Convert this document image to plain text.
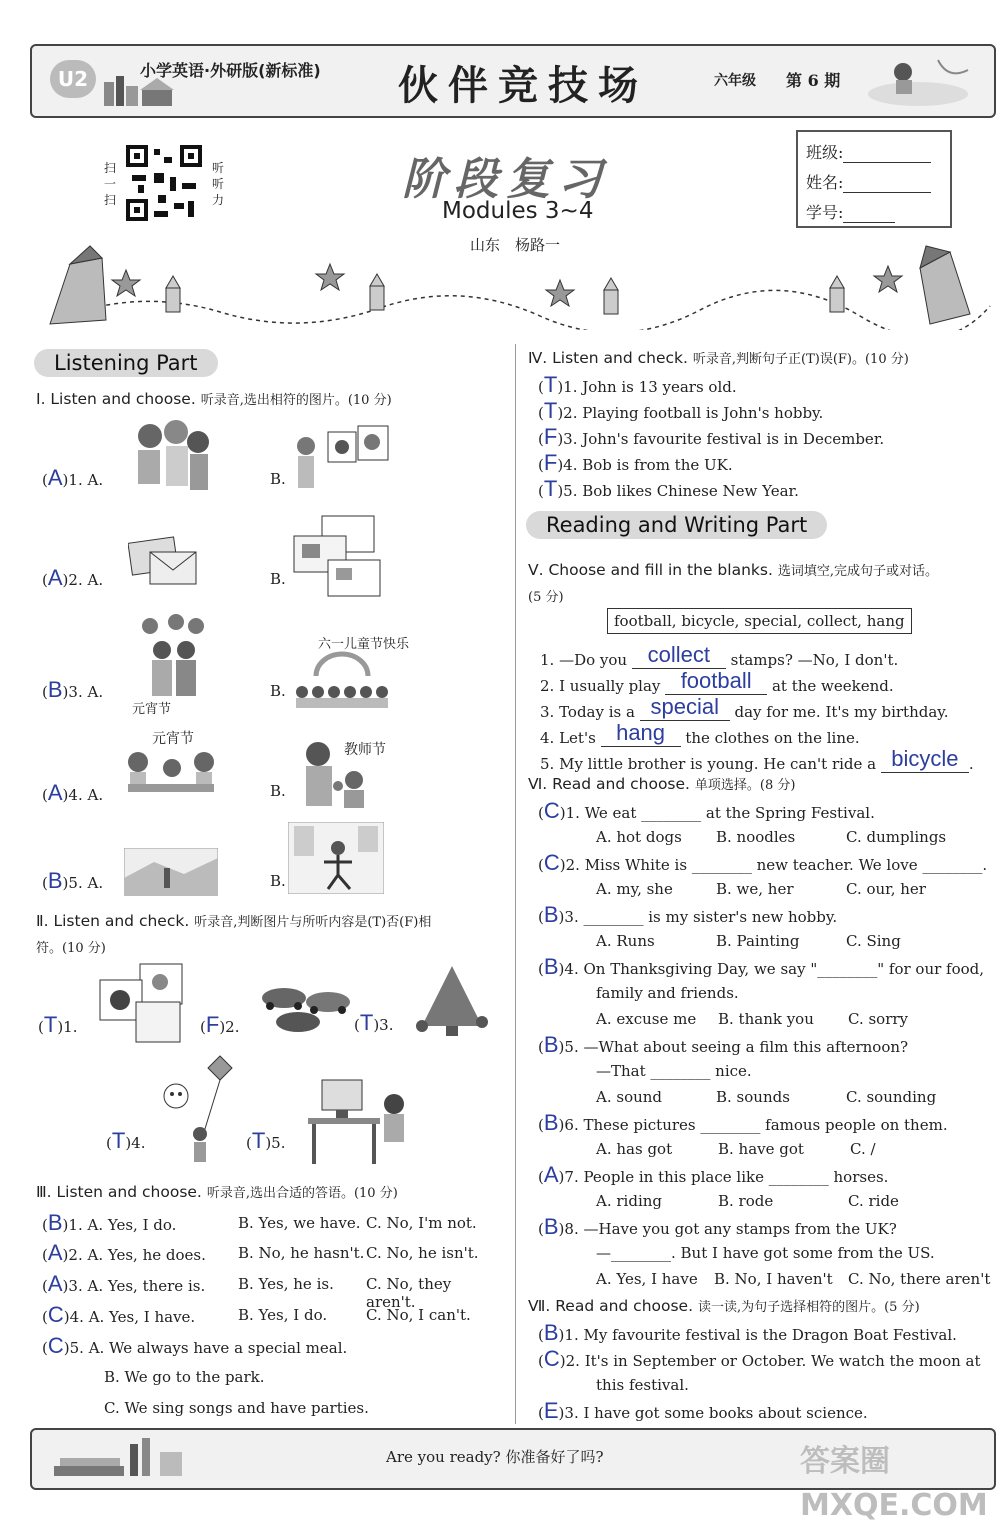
U2	小学英语·外研版(新标准) 伙伴竞技场	六年级 第 6 期
扫一扫
听听力	阶段复习
Modules 3~4
山东　杨路一
班级:
姓名:
学号:
Listening Part
Ⅰ. Listen and choose. 听录音,选出相符的图片。(10 分)
(A)1. A.	B.
(A)2. A.	B.
(B)3. A.
元宵节
B.
六一儿童节快乐
元宵节
(A)4. A.	B.
教师节
(B)5. A.	B.
Ⅱ. Listen and check. 听录音,判断图片与所听内容是(T)否(F)相
符。(10 分)
(T)1.	(F)2.	(T)3.
(T)4.	(T)5.
Ⅲ. Listen and choose. 听录音,选出合适的答语。(10 分)
(B)1. A. Yes, I do.	B. Yes, we have. C. No, I'm not.
(A)2. A. Yes, he does. B. No, he hasn't. C. No, he isn't.
(A)3. A. Yes, there is. B. Yes, he is. C. No, they aren't.
(C)4. A. Yes, I have.	B. Yes, I do.	C. No, I can't.
(C)5. A. We always have a special meal.
B. We go to the park.
C. We sing songs and have parties.
Ⅳ. Listen and check. 听录音,判断句子正(T)误(F)。(10 分)
(T)1. John is 13 years old.
(T)2. Playing football is John's hobby.
(F)3. John's favourite festival is in December.
(F)4. Bob is from the UK.
(T)5. Bob likes Chinese New Year.
Reading and Writing Part
Ⅴ. Choose and fill in the blanks. 选词填空,完成句子或对话。
(5 分)
football, bicycle, special, collect, hang
1. —Do you collect stamps? —No, I don't.
2. I usually play football at the weekend.
3. Today is a special day for me. It's my birthday.
4. Let's hang the clothes on the line.
5. My little brother is young. He can't ride a bicycle .
Ⅵ. Read and choose. 单项选择。(8 分)
(C)1. We eat ________ at the Spring Festival.
A. hot dogs B. noodles	C. dumplings
(C)2. Miss White is ________ new teacher. We love ________.
A. my, she	B. we, her	C. our, her
(B)3. ________ is my sister's new hobby.
A. Runs	B. Painting	C. Sing
(B)4. On Thanksgiving Day, we say "________" for our food,
family and friends.
A. excuse me B. thank you C. sorry
(B)5. —What about seeing a film this afternoon?
—That ________ nice.
A. sound	B. sounds	C. sounding
(B)6. These pictures ________ famous people on them.
A. has got	B. have got	C. /
(A)7. People in this place like ________ horses.
A. riding	B. rode	C. ride
(B)8. —Have you got any stamps from the UK?
—________. But I have got some from the US.
A. Yes, I have B. No, I haven't C. No, there aren't
Ⅶ. Read and choose. 读一读,为句子选择相符的图片。(5 分)
(B)1. My favourite festival is the Dragon Boat Festival.
(C)2. It's in September or October. We watch the moon at
this festival.
(E)3. I have got some books about science.
Are you ready? 你准备好了吗?	答案圈 MXQE.COM
